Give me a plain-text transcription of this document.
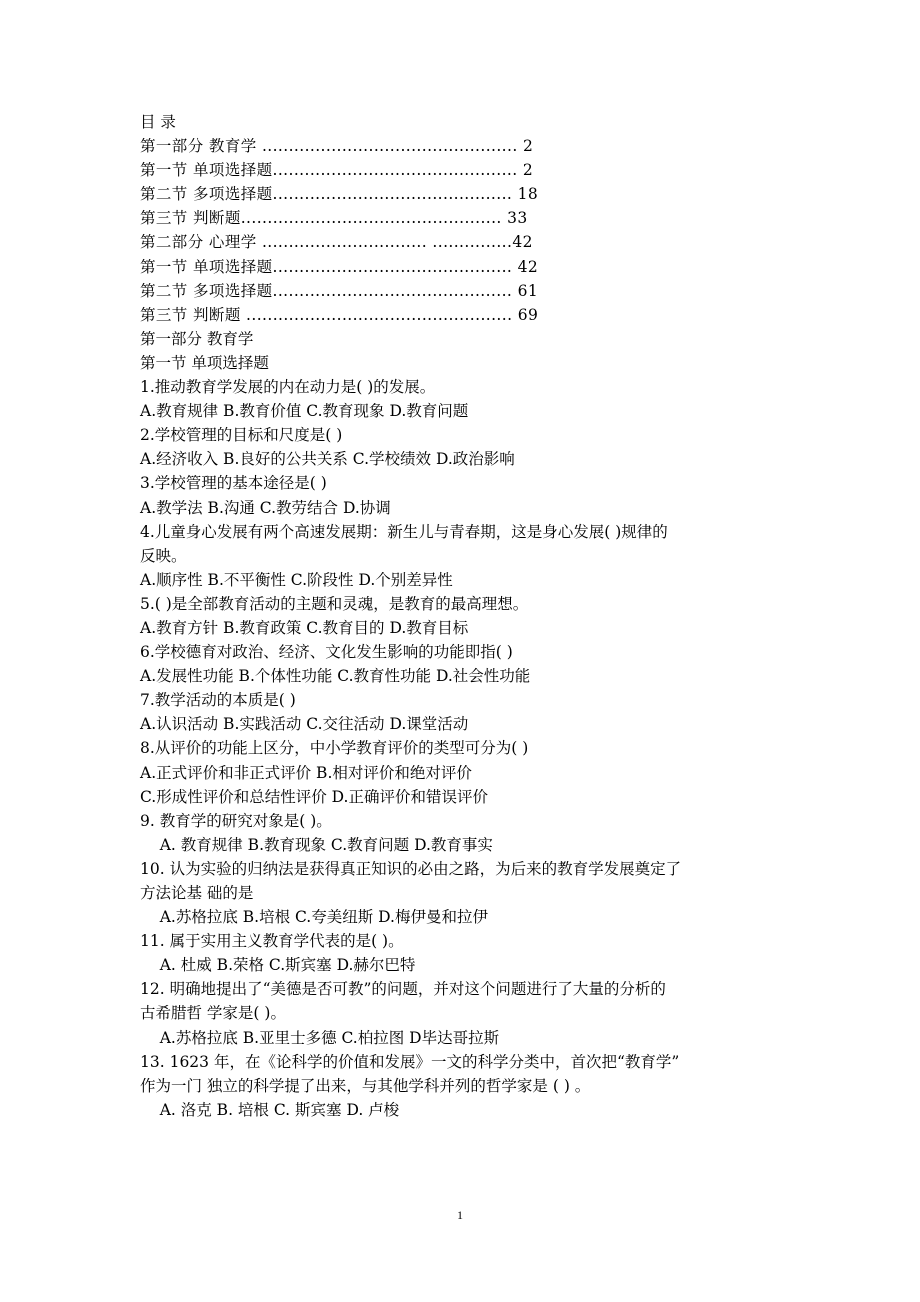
目 录
第一部分 教育学 ................................................ 2
第一节 单项选择题.............................................. 2
第二节 多项选择题............................................. 18
第三节 判断题................................................. 33
第二部分 心理学 ............................... ...............42
第一节 单项选择题............................................. 42
第二节 多项选择题............................................. 61
第三节 判断题 .................................................. 69
第一部分 教育学
第一节 单项选择题
1.推动教育学发展的内在动力是( )的发展。
A.教育规律 B.教育价值 C.教育现象 D.教育问题
2.学校管理的目标和尺度是( )
A.经济收入 B.良好的公共关系 C.学校绩效 D.政治影响
3.学校管理的基本途径是( )
A.教学法 B.沟通 C.教劳结合 D.协调
4.儿童身心发展有两个高速发展期：新生儿与青春期，这是身心发展( )规律的
反映。
A.顺序性 B.不平衡性 C.阶段性 D.个别差异性
5.( )是全部教育活动的主题和灵魂，是教育的最高理想。
A.教育方针 B.教育政策 C.教育目的 D.教育目标
6.学校德育对政治、经济、文化发生影响的功能即指( )
A.发展性功能 B.个体性功能 C.教育性功能 D.社会性功能
7.教学活动的本质是( )
A.认识活动 B.实践活动 C.交往活动 D.课堂活动
8.从评价的功能上区分，中小学教育评价的类型可分为( )
A.正式评价和非正式评价 B.相对评价和绝对评价
C.形成性评价和总结性评价 D.正确评价和错误评价
9. 教育学的研究对象是( )。
A. 教育规律 B.教育现象 C.教育问题 D.教育事实
10. 认为实验的归纳法是获得真正知识的必由之路，为后来的教育学发展奠定了
方法论基 础的是
A.苏格拉底 B.培根 C.夸美纽斯 D.梅伊曼和拉伊
11. 属于实用主义教育学代表的是( )。
A. 杜威 B.荣格 C.斯宾塞 D.赫尔巴特
12. 明确地提出了“美德是否可教”的问题，并对这个问题进行了大量的分析的
古希腊哲 学家是( )。
A.苏格拉底 B.亚里士多德 C.柏拉图 D毕达哥拉斯
13. 1623 年，在《论科学的价值和发展》一文的科学分类中，首次把“教育学”
作为一门 独立的科学提了出来，与其他学科并列的哲学家是 ( ) 。
A. 洛克 B. 培根 C. 斯宾塞 D. 卢梭
1
